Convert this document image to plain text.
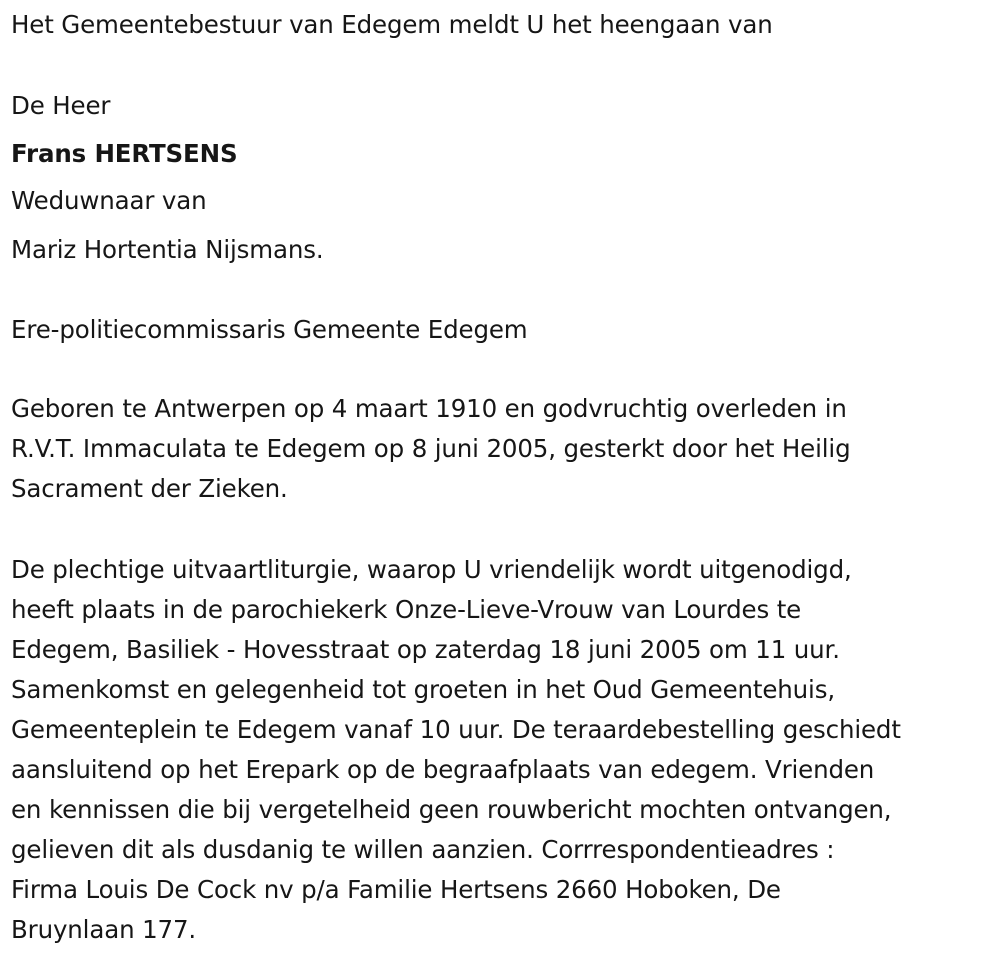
Het Gemeentebestuur van Edegem meldt U het heengaan van
De Heer
Frans HERTSENS
Weduwnaar van
Mariz Hortentia Nijsmans.
Ere-politiecommissaris Gemeente Edegem
Geboren te Antwerpen op 4 maart 1910 en godvruchtig overleden in
R.V.T. Immaculata te Edegem op 8 juni 2005, gesterkt door het Heilig
Sacrament der Zieken.
De plechtige uitvaartliturgie, waarop U vriendelijk wordt uitgenodigd,
heeft plaats in de parochiekerk Onze-Lieve-Vrouw van Lourdes te
Edegem, Basiliek - Hovesstraat op zaterdag 18 juni 2005 om 11 uur.
Samenkomst en gelegenheid tot groeten in het Oud Gemeentehuis,
Gemeenteplein te Edegem vanaf 10 uur. De teraardebestelling geschiedt
aansluitend op het Erepark op de begraafplaats van edegem. Vrienden
en kennissen die bij vergetelheid geen rouwbericht mochten ontvangen,
gelieven dit als dusdanig te willen aanzien. Corrrespondentieadres :
Firma Louis De Cock nv p/a Familie Hertsens 2660 Hoboken, De
Bruynlaan 177.
